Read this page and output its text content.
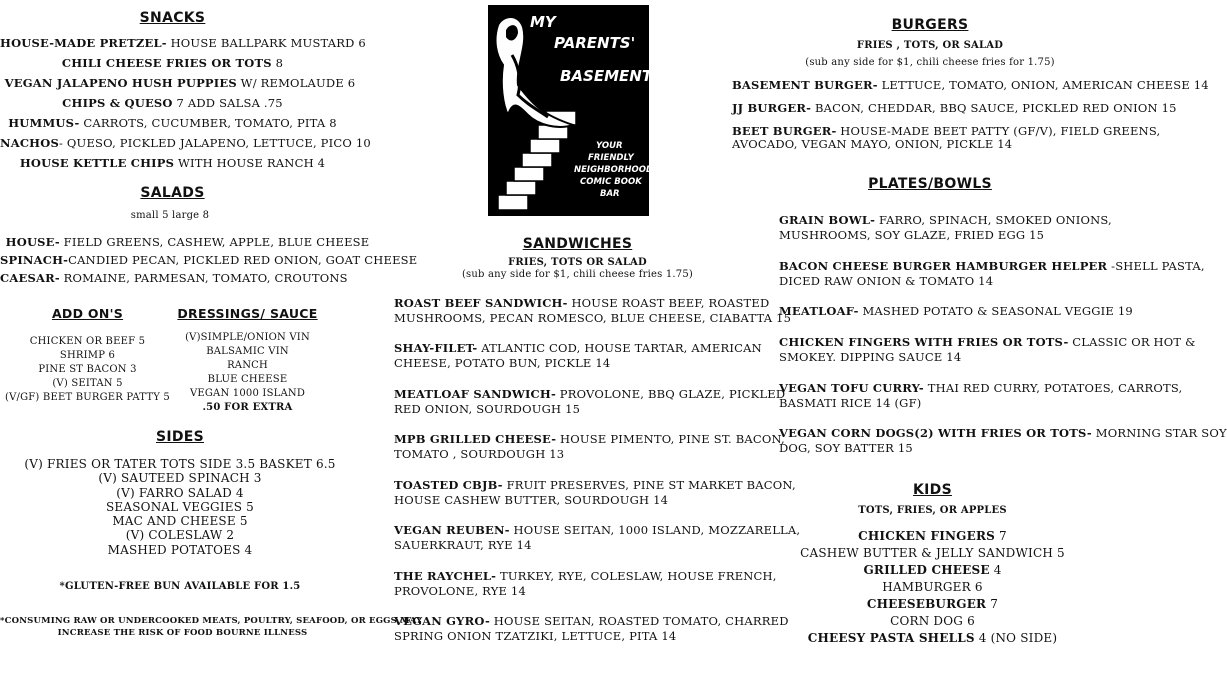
SNACKS
HOUSE-MADE PRETZEL- HOUSE BALLPARK MUSTARD 6
CHILI CHEESE FRIES OR TOTS 8
VEGAN JALAPENO HUSH PUPPIES W/ REMOLAUDE 6
CHIPS & QUESO 7 ADD SALSA .75
HUMMUS- CARROTS, CUCUMBER, TOMATO, PITA 8
NACHOS- QUESO, PICKLED JALAPENO, LETTUCE, PICO 10
HOUSE KETTLE CHIPS WITH HOUSE RANCH 4
SALADS
small 5 large 8
HOUSE- FIELD GREENS, CASHEW, APPLE, BLUE CHEESE
SPINACH-CANDIED PECAN, PICKLED RED ONION, GOAT CHEESE
CAESAR- ROMAINE, PARMESAN, TOMATO, CROUTONS
ADD ON'S
CHICKEN OR BEEF 5
SHRIMP 6
PINE ST BACON 3
(V) SEITAN 5
(V/GF) BEET BURGER PATTY 5
DRESSINGS/ SAUCE
(V)SIMPLE/ONION VIN
BALSAMIC VIN
RANCH
BLUE CHEESE
VEGAN 1000 ISLAND
.50 FOR EXTRA
SIDES
(V) FRIES OR TATER TOTS SIDE 3.5 BASKET 6.5
(V) SAUTEED SPINACH 3
(V) FARRO SALAD 4
SEASONAL VEGGIES 5
MAC AND CHEESE 5
(V) COLESLAW 2
MASHED POTATOES 4
*GLUTEN-FREE BUN AVAILABLE FOR 1.5
*CONSUMING RAW OR UNDERCOOKED MEATS, POULTRY, SEAFOOD, OR EGGS MAY
INCREASE THE RISK OF FOOD BOURNE ILLNESS
MY
PARENTS'
BASEMENT
YOUR
FRIENDLY
NEIGHBORHOOD
COMIC BOOK
BAR
SANDWICHES
FRIES, TOTS OR SALAD
(sub any side for $1, chili cheese fries 1.75)
ROAST BEEF SANDWICH- HOUSE ROAST BEEF, ROASTED
MUSHROOMS, PECAN ROMESCO, BLUE CHEESE, CIABATTA 15
SHAY-FILET- ATLANTIC COD, HOUSE TARTAR, AMERICAN
CHEESE, POTATO BUN, PICKLE 14
MEATLOAF SANDWICH- PROVOLONE, BBQ GLAZE, PICKLED
RED ONION, SOURDOUGH 15
MPB GRILLED CHEESE- HOUSE PIMENTO, PINE ST. BACON,
TOMATO , SOURDOUGH 13
TOASTED CBJB- FRUIT PRESERVES, PINE ST MARKET BACON,
HOUSE CASHEW BUTTER, SOURDOUGH 14
VEGAN REUBEN- HOUSE SEITAN, 1000 ISLAND, MOZZARELLA,
SAUERKRAUT, RYE 14
THE RAYCHEL- TURKEY, RYE, COLESLAW, HOUSE FRENCH,
PROVOLONE, RYE 14
VEGAN GYRO- HOUSE SEITAN, ROASTED TOMATO, CHARRED
SPRING ONION TZATZIKI, LETTUCE, PITA 14
BURGERS
FRIES , TOTS, OR SALAD
(sub any side for $1, chili cheese fries for 1.75)
BASEMENT BURGER- LETTUCE, TOMATO, ONION, AMERICAN CHEESE 14
JJ BURGER- BACON, CHEDDAR, BBQ SAUCE, PICKLED RED ONION 15
BEET BURGER- HOUSE-MADE BEET PATTY (GF/V), FIELD GREENS,
AVOCADO, VEGAN MAYO, ONION, PICKLE 14
PLATES/BOWLS
GRAIN BOWL- FARRO, SPINACH, SMOKED ONIONS,
MUSHROOMS, SOY GLAZE, FRIED EGG 15
BACON CHEESE BURGER HAMBURGER HELPER -SHELL PASTA,
DICED RAW ONION & TOMATO 14
MEATLOAF- MASHED POTATO & SEASONAL VEGGIE 19
CHICKEN FINGERS WITH FRIES OR TOTS- CLASSIC OR HOT &
SMOKEY. DIPPING SAUCE 14
VEGAN TOFU CURRY- THAI RED CURRY, POTATOES, CARROTS,
BASMATI RICE 14 (GF)
VEGAN CORN DOGS(2) WITH FRIES OR TOTS- MORNING STAR SOY
DOG, SOY BATTER 15
KIDS
TOTS, FRIES, OR APPLES
CHICKEN FINGERS 7
CASHEW BUTTER & JELLY SANDWICH 5
GRILLED CHEESE 4
HAMBURGER 6
CHEESEBURGER 7
CORN DOG 6
CHEESY PASTA SHELLS 4 (NO SIDE)
